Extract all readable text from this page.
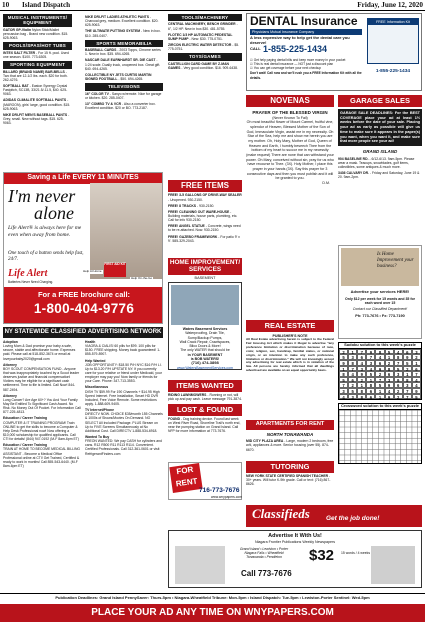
10 Island Dispatch	Friday, June 12, 2020
MUSICAL INSTRUMENTS/ EQUIPMENT
GATOR GP-Violin Nylon Stick/Mallet percussion bag - Brand new condition. $15. 625-9063.
POOLS/SPAS/HOT TUBS
INTEX SALT FILTER - For 15 ft. pool. Used one season. $100. 773-6305.
SPORTING EQUIPMENT
BILLARD (BRAND NAME) BAR-BELLS - Two that are 12-1/2 lbs. each. $20 for both. 262-4276.
SOFTBALL BAT - Easton Synergy Crystal Fastpitch, SC13B, 33/21.5/-11.5, $40. 625-9063.
ADIDAS CLIMALITE SOFTBALL PANTS - (MAROON), girls' large, good condition. $15. 625-9063.
NIKE DRI-FIT MEN'S BASEBALL PANTS - Grey, small. New without tags. $15. 625-9063.
NIKE DRI-FIT LADIES ATHLETIC PANTS - Charcoal grey, medium. Excellent condition. $20. 625-9063.
THE ULTIMATE PUTTING SYSTEM - New in box. $10. 285-0407.
SPORTS MEMORABILIA
BASEBALL CARDS - 2003 Topps, Chrome series 1. New in box. $35. 694-4265.
NASCAR DALE EARNHARDT SR. DIE CAST - 1:24 scale. Dually truck, unopened box. Great gift. $40. 694-4265.
COLLECTIBLE NY JETS CURTIS MARTIN SIGNED FOOTBALL - $50. 694-4265.
TELEVISIONS
16" COLOR TV - Sanyo w/remote. Nice for garage or kitchen. $20. 285-0407.
13" COMBO TV & VCR - Also a converter box. Excellent condition. $20 or BO. 773-2187.
TOOLS/MACHINERY
CENTRAL MACHINERY, BENCH GRINDER - 6", 1/2 HP. New in box.$30. 481-5755.
FLOTEC 1/3 HP AUTOMATIC PEDESTAL SUMP PUMP - New. $30. 775-0751.
ZIRCON ELECTRIC WATER DETECTOR - $5. 775-0751.
TOYS/GAMES
CASTELLION CARD GAME BY Z-MAN GAMES - Very good condition. $16. 909-6438.
FREE ITEMS
FREE! 3-5 GALLONS OF DRIVE-WAY SEALER - Unopened. 930-2150.
FREE! 8 TRACKS - 930-2150.
FREE! CLEANING OUT WARE-HOUSE - Building materials, house parts, plumbing, etc. Call for info 930-2150.
FREE! ANGEL STATUE - Concrete, wings need to be re-attached. Now. 930-2150.
FREE! GAZEBO FRAMEWORK - For patio 9' x 9'. 585-329-2043.
HOME IMPROVEMENT/ SERVICES
BASEMENT
Waters Basement Services
Waterproofing, Drain Tile,
Sump/Backup Pumps,
Wall Crack Repair, Crawlspaces,
Bilco Doors & More!
The only WATER that should be
in YOUR BASEMENT
is BOB WATERS!
(716) 474-3898
www.WatersBasementServices.com
ITEMS WANTED
RIDING LAWNMOWERS - Running or not, will pick up and pay cash. Leave message 791-3874.
LOST & FOUND
FOUND - Dog training device. Found last week on West River Road, Shoreline Trail's north end, near the pumping station on Grand Island. Call NFP for more information at 773-7676.
FOR
RENT
716-773-7676
www.wnypapers.com
Saving a Life EVERY 11 MINUTES
I'm never
alone
Life Alert® is always here for me even when away from home.
One touch of a button sends help fast, 24/7.
Life Alert
Batteries Never Need Charging.
FIRST AID KIT
Help At Home
Help On-the-Go
For a FREE brochure call:
1-800-404-9776
NY STATEWIDE CLASSIFIED ADVERTISING NETWORK
Adoption
Loving Mom & Dad promise your baby a safe, secure, stable and affectionate home. Expenses paid. Please call at 518-852-3674 or email at loveyourbaby2020@gmail.com
Attorney
BOY SCOUT COMPENSATION FUND - Anyone that was inappropriately touched by a Scout leader deserves justice and financial compensation! Victims may be eligible for a significant cash settlement. Time to file is limited. Call Now! 844-587-2494.
Attorney
Lung Cancer? Are Age 60+? You And Your Family May Be Entitled To Significant Cash Award. No Risk. No Money Out Of Pocket. For Information Call 877-225-4813.
Education / Career Training
COMPUTER & IT TRAINING PROGRAM! Train ONLINE to get the skills to become a Computer & Help Desk Professional now! Now offering a $10,000 scholarship for qualified applicants. Call CTI for details! (844) 947-0192 (M-F 8am-6pm ET)
Education / Career Training
TRAIN AT HOME TO BECOME MEDICAL BILLING ASSISTANT - Become a Medical Office Professional online at CTI! Get Trained, Certified & ready to work in months! Call 855-543-6440. (M-F 8am-6pm ET)
Health
VIAGRA & CIALIS! 60 pills for $99. 100 pills for $150. FREE shipping. Money back guaranteed! 1-855-579-8907.
Help Wanted
JOB OPPORTUNITY: $18.50 P/H NYC $16 P/H LI. Up to $13.20 P/H UPSTATE NY. If you currently care for your relative or friend under Medicaid, your employer may pay you! Now family or friends for your Care. Phone: 347-713-3553.
Miscellaneous
DISH TV $59.99 For 190 Channels + $14.95 High Speed Internet. Free Installation, Smart HD DVR Included, Free Voice Remote. Some restrictions apply. 1-888-609-9405.
TV Internet/Phone
DIRECTV NOW. CHOICE $35/month 155 Channels & 1000s of Shows/Movies On Demand. NO SELECT All Included Package. PLUS Stream on Up to FIVE Screens Simultaneously at No Additional Cost. Call DIRECTV 1-888-534-6918.
Wanted To Buy
FREON WANTED: We pay CASH for cylinders and cans. R12 R500 R11 R113 R114. Convenient. Certified Professionals. Call 312-361-0601 or visit RefrigerantFinders.com
DENTAL Insurance
Physicians Mutual Insurance Company
A less expensive way to help get the dental care you deserve!
CALL 1-855-225-1434
☑ Get help paying dental bills and keep more money in your pocket
☑ This is real dental insurance — NOT just a discount plan
☑ You can get coverage before your next checkup
Don't wait! Call now and we'll rush you a FREE Information Kit with all the details.
FREE Information Kit
1-855-225-1434
NOVENAS
PRAYER OF THE BLESSED VIRGIN
(Never Known To Fail)
Oh most beautiful flower of Mount Carmel, fruitful vine, splendor of Heaven, Blessed Mother of the Son of God, Immaculate Virgin, assist me in my necessity. Oh Star of the Sea, help me and show me herein you are my mother. Oh, Holy Mary, Mother of God, Queen of Heaven and Earth, I humbly beseech Thee from the bottom of my heart to succor me in my necessity (make request) There are none that can withstand your power. Oh Mary, conceived without sin, pray for us who have recourse to Thee. (3X). Holy Mother, I place this prayer in your hands (3X). Say this prayer for 3 consecutive days and then you must publish and it will be granted to you.
D.M.
GARAGE SALES
GARAGE SALE DEADLINES: For the BEST COVERAGE place your ad at least 1½ weeks before the date of your sale. Placing your ad as early as possible will give us time to make sure it appears in the paper(s) you want, when you want it, and make sure that more people see your ad!
GRAND ISLAND
904 BASELINE RD. - 6/12-6/13. 9am-5pm. Please wear a mask. Teacups, snowblades, golf items, collectibles, some antiques & much more.
3436 CALVARY DR. - Friday and Saturday, June 19 & 20. 9am-2pm.
REAL ESTATE
PUBLISHER'S NOTE
All Real Estate advertising herein is subject to the Federal Fair Housing Act which makes it illegal to advertise "any preference limitation or discrimination because of race, color, religion, sex, handicap, familial status, or national origin, or an intention to make any such preference, limitation or discrimination." We will not knowingly accept any advertising for real estate which is in violation of the law. All persons are hereby informed that all dwellings advertised are available on an equal opportunity basis.
Is Home Improvement your business?
Advertise your services HERE!
Only $12 per week for 15 words and 35 for each word over 15
Contact our Classified Department!
Ph: 773-7676 • Fx: 773-7190
Sudoku solution to this week's puzzle
2	1	7	9	8	5	4	6	3
5	3	6	7	4	1	8	9	2
9	8	4	3	6	2	7	5	1
1	7	3	4	9	8	5	2	6
8	4	9	5	2	6	3	1	7
5	6	2	1	7	3	9	8	4
7	2	1	8	5	9	6	3	4
3	5	8	6	1	4	2	7	9
4	3	8	6	1	9	2	7	5
Crossword solution to this week's puzzle
APARTMENTS FOR RENT
NORTH TONAWANDA
MID CITY PLAZA AREA - Large, modern 2 bedroom, free w/d, appliances & more. Senior housing (over 55). 874-6670.
TUTORING
NEW YORK STATE CERTIFIED SPANISH TEACHER - 30+ years. Will tutor K-9th grade. Call or text: (716) 867-8626.
Classifieds Get the job done!
Advertise It With Us!
Niagara Frontier Publications Weekly Newspapers
Grand Island • Lewiston • Porter
Niagara Falls • Wheatfield
Tonawanda • Pendleton
Call 773-7676
$32 15 words / 4 weeks
Publication Deadlines: Grand Island PennySaver: Thurs-5pm • Niagara-Wheatfield Tribune: Mon-5pm • Island Dispatch: Tue-5pm • Lewiston-Porter Sentinel: Wed-5pm
PLACE YOUR AD ANY TIME ON WNYPAPERS.COM
